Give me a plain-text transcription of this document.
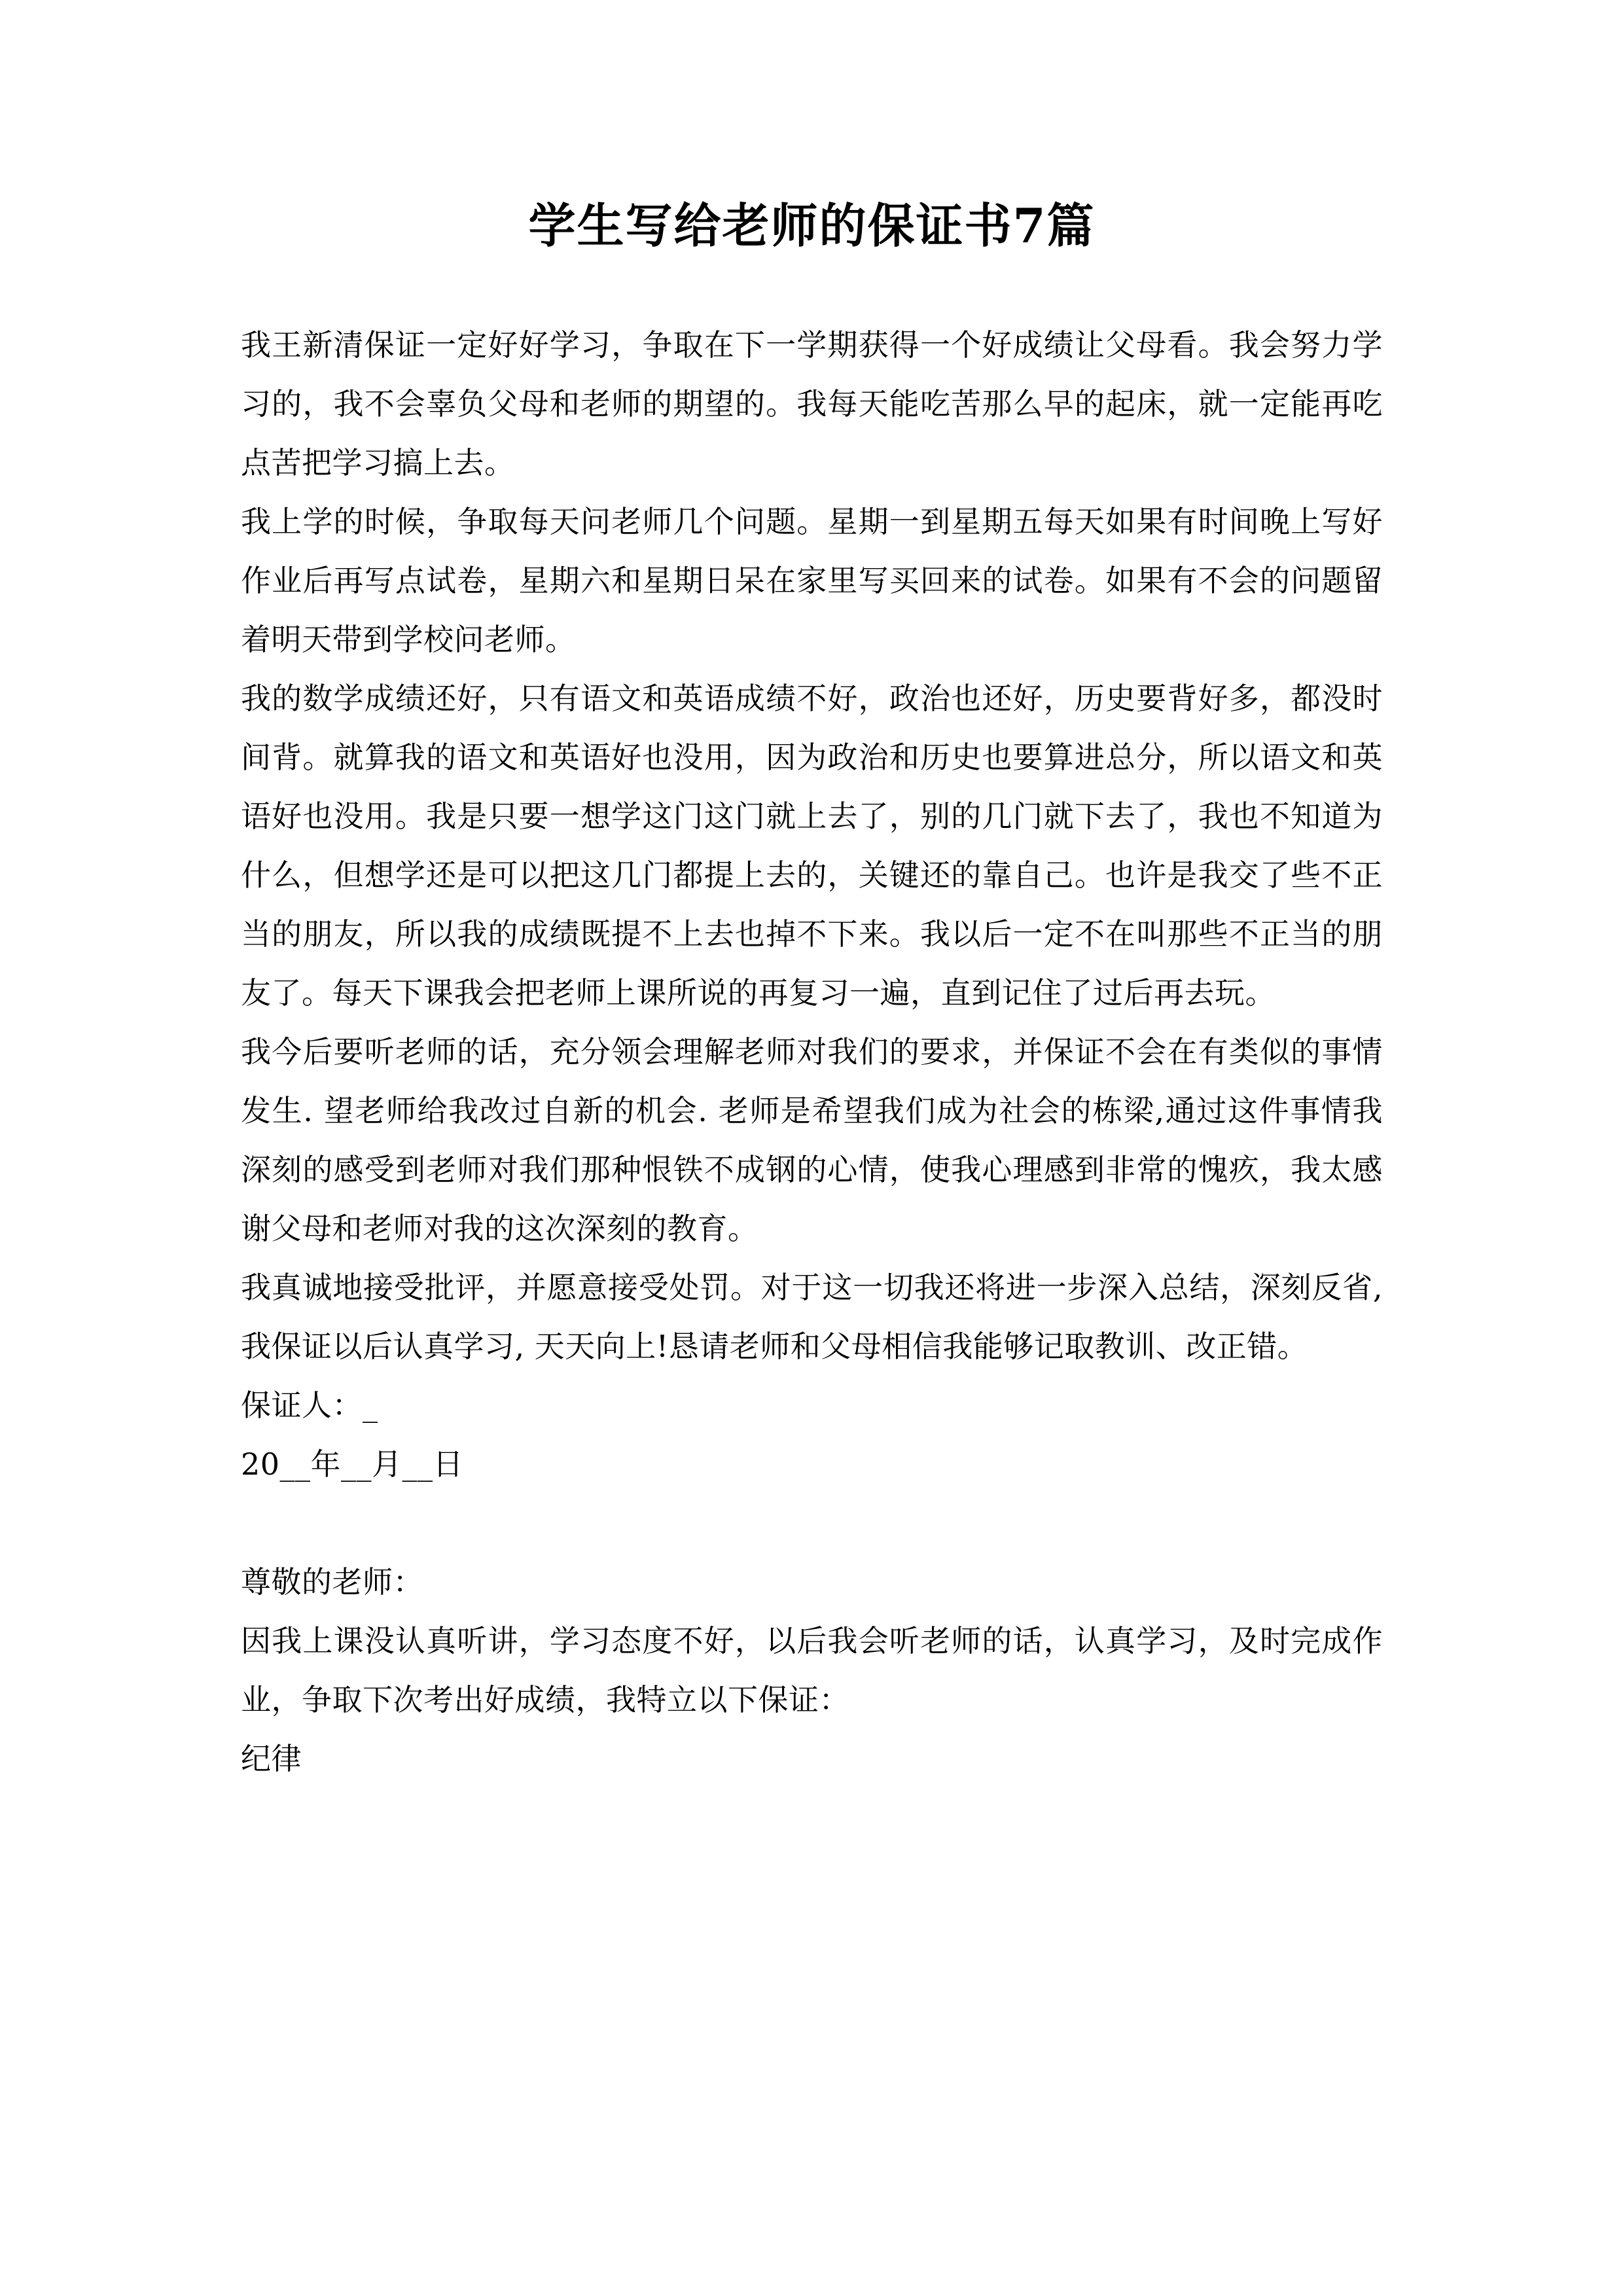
学生写给老师的保证书7篇

我王新清保证一定好好学习，争取在下一学期获得一个好成绩让父母看。我会努力学习的，我不会辜负父母和老师的期望的。我每天能吃苦那么早的起床，就一定能再吃点苦把学习搞上去。

我上学的时候，争取每天问老师几个问题。星期一到星期五每天如果有时间晚上写好作业后再写点试卷，星期六和星期日呆在家里写买回来的试卷。如果有不会的问题留着明天带到学校问老师。

我的数学成绩还好，只有语文和英语成绩不好，政治也还好，历史要背好多，都没时间背。就算我的语文和英语好也没用，因为政治和历史也要算进总分，所以语文和英语好也没用。我是只要一想学这门这门就上去了，别的几门就下去了，我也不知道为什么，但想学还是可以把这几门都提上去的，关键还的靠自己。也许是我交了些不正当的朋友，所以我的成绩既提不上去也掉不下来。我以后一定不在叫那些不正当的朋友了。每天下课我会把老师上课所说的再复习一遍，直到记住了过后再去玩。

我今后要听老师的话，充分领会理解老师对我们的要求，并保证不会在有类似的事情发生. 望老师给我改过自新的机会. 老师是希望我们成为社会的栋梁,通过这件事情我深刻的感受到老师对我们那种恨铁不成钢的心情，使我心理感到非常的愧疚，我太感谢父母和老师对我的这次深刻的教育。

我真诚地接受批评，并愿意接受处罚。对于这一切我还将进一步深入总结，深刻反省, 我保证以后认真学习, 天天向上!恳请老师和父母相信我能够记取教训、改正错。

保证人：_

20__年__月__日

尊敬的老师：

因我上课没认真听讲，学习态度不好，以后我会听老师的话，认真学习，及时完成作业，争取下次考出好成绩，我特立以下保证：

纪律
